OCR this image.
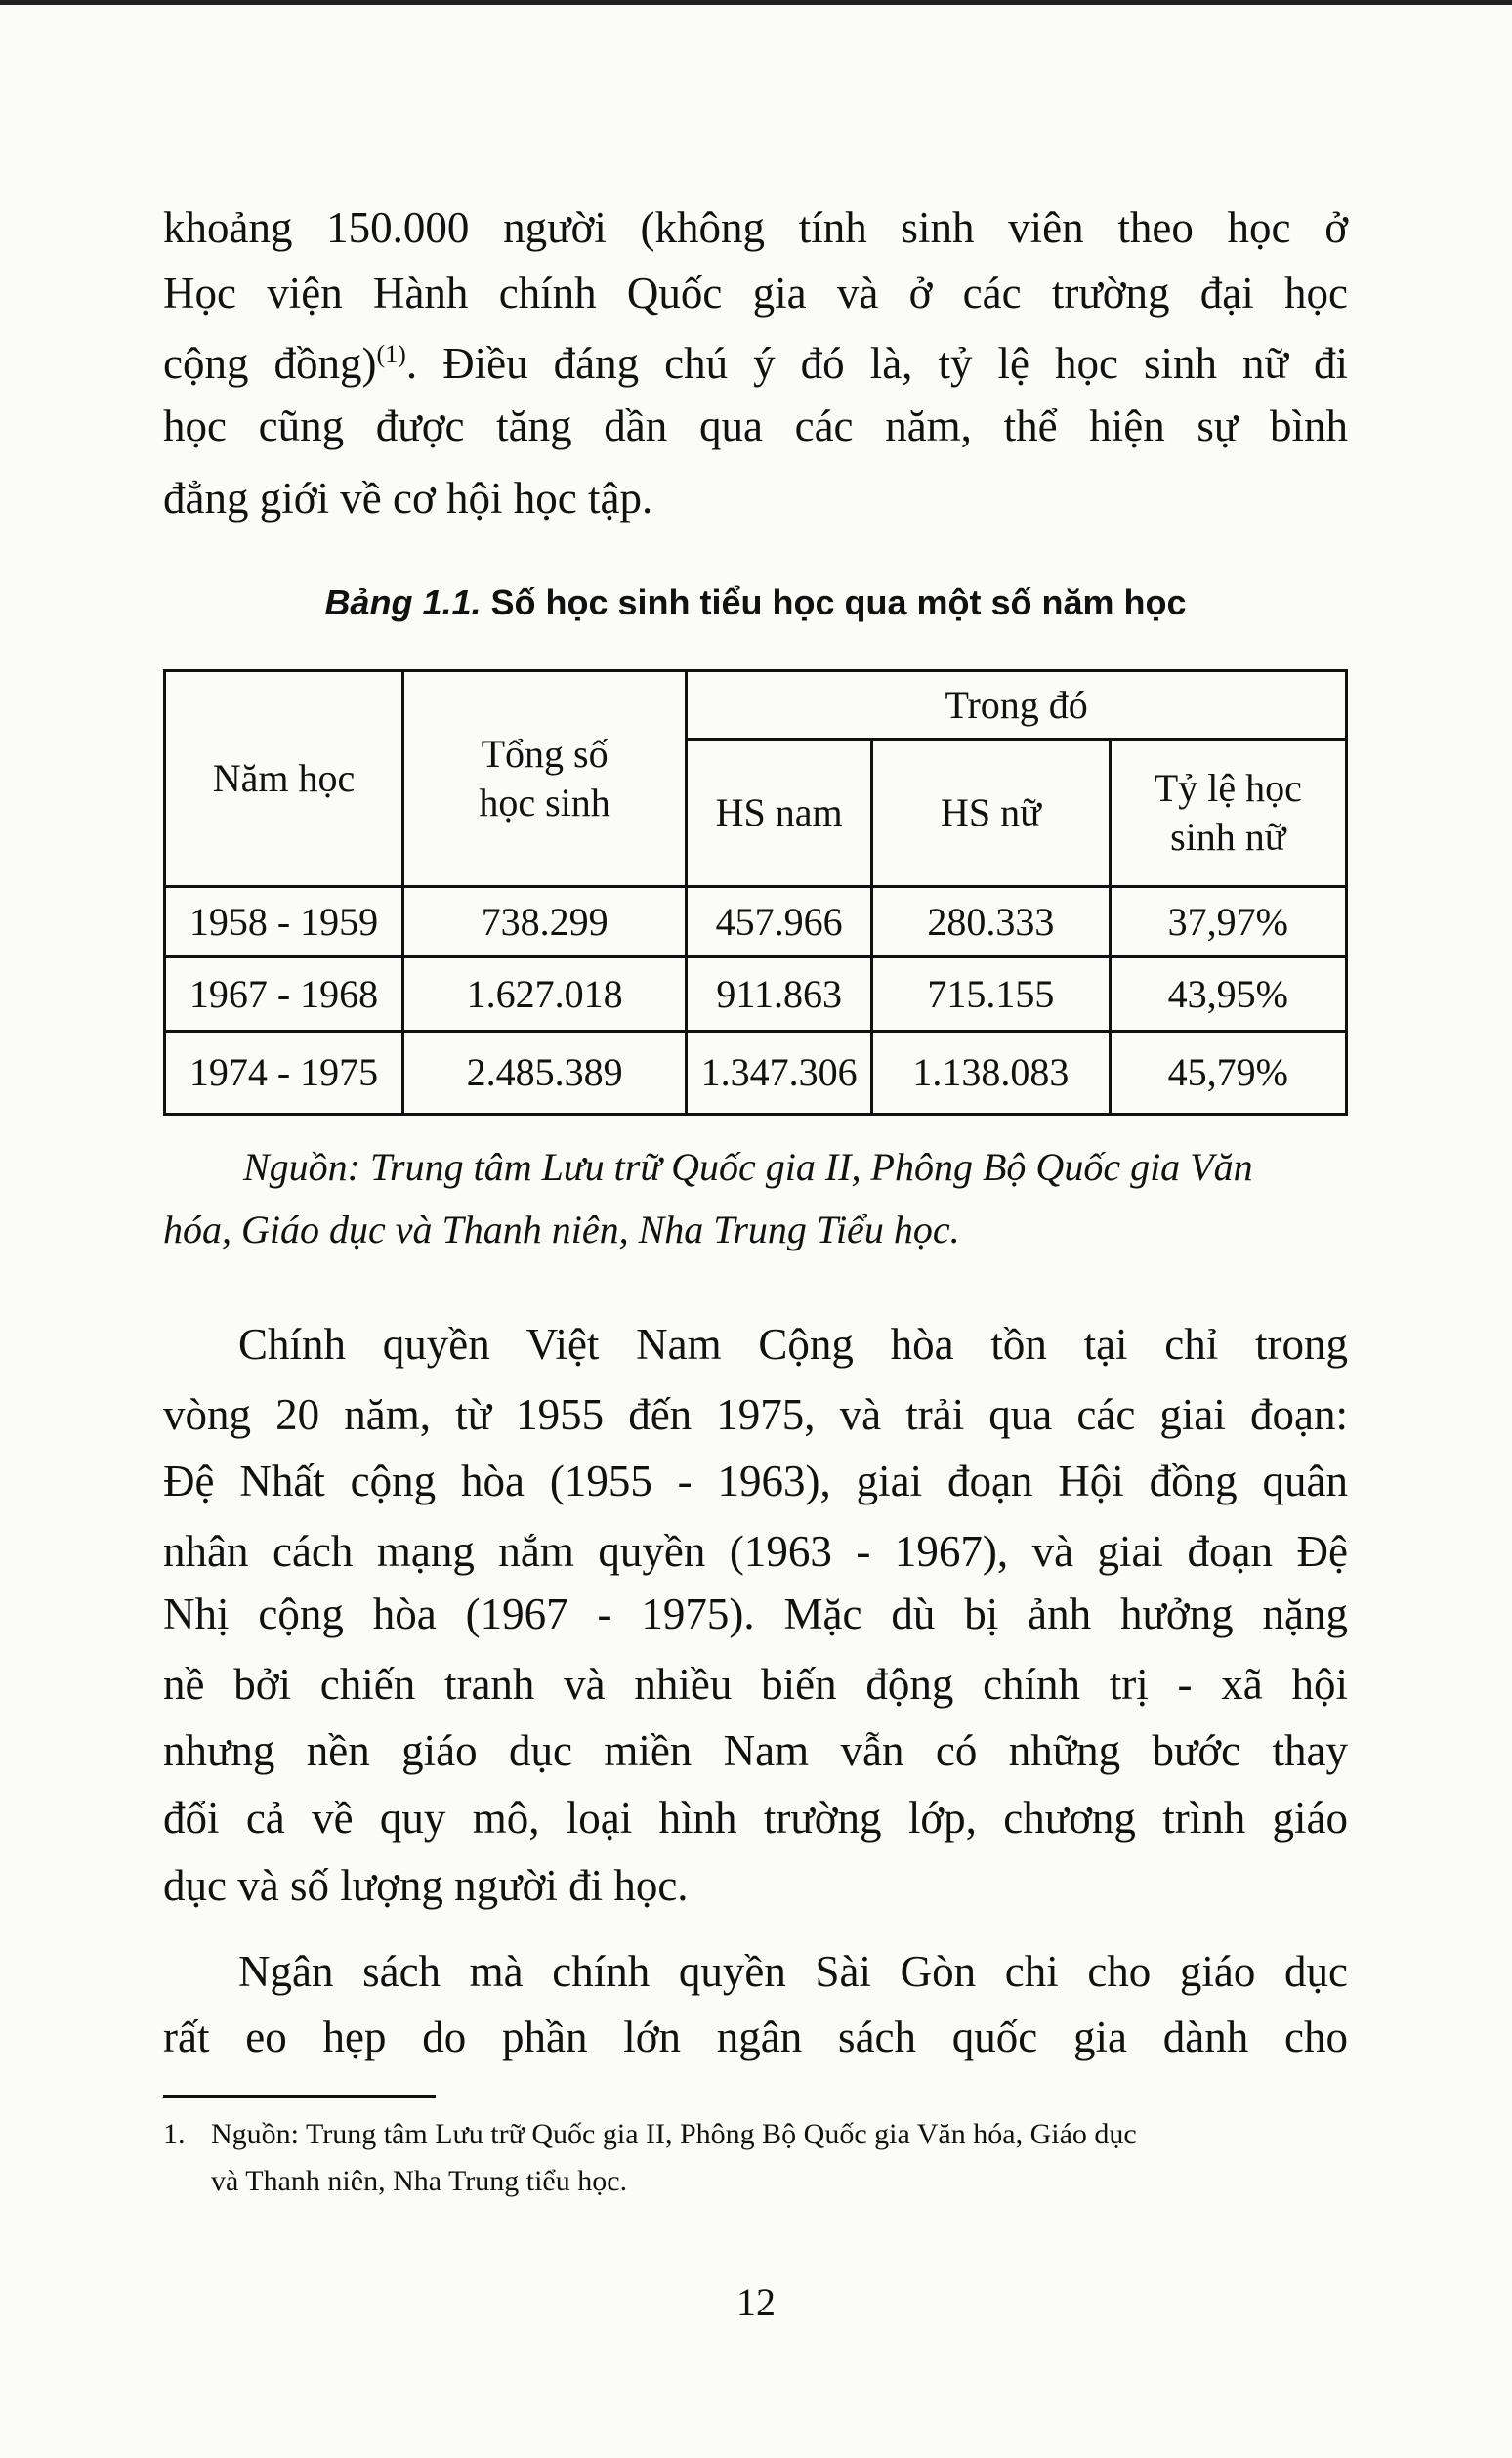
khoảng 150.000 người (không tính sinh viên theo học ở
Học viện Hành chính Quốc gia và ở các trường đại học
cộng đồng)$^{(1)}$. Điều đáng chú ý đó là, tỷ lệ học sinh nữ đi
học cũng được tăng dần qua các năm, thể hiện sự bình
đẳng giới về cơ hội học tập.
Bảng 1.1. Số học sinh tiểu học qua một số năm học
Năm học	Tổng số học sinh	Trong đó		
		HS nam	HS nữ	Tỷ lệ học sinh nữ
1958 - 1959	738.299	457.966	280.333	37,97%
1967 - 1968	1.627.018	911.863	715.155	43,95%
1974 - 1975	2.485.389	1.347.306	1.138.083	45,79%
Nguồn: Trung tâm Lưu trữ Quốc gia II, Phông Bộ Quốc gia Văn
hóa, Giáo dục và Thanh niên, Nha Trung Tiểu học.
Chính quyền Việt Nam Cộng hòa tồn tại chỉ trong
vòng 20 năm, từ 1955 đến 1975, và trải qua các giai đoạn:
Đệ Nhất cộng hòa (1955 - 1963), giai đoạn Hội đồng quân
nhân cách mạng nắm quyền (1963 - 1967), và giai đoạn Đệ
Nhị cộng hòa (1967 - 1975). Mặc dù bị ảnh hưởng nặng
nề bởi chiến tranh và nhiều biến động chính trị - xã hội
nhưng nền giáo dục miền Nam vẫn có những bước thay
đổi cả về quy mô, loại hình trường lớp, chương trình giáo
dục và số lượng người đi học.
Ngân sách mà chính quyền Sài Gòn chi cho giáo dục
rất eo hẹp do phần lớn ngân sách quốc gia dành cho
1. Nguồn: Trung tâm Lưu trữ Quốc gia II, Phông Bộ Quốc gia Văn hóa, Giáo dục
và Thanh niên, Nha Trung tiểu học.
12
